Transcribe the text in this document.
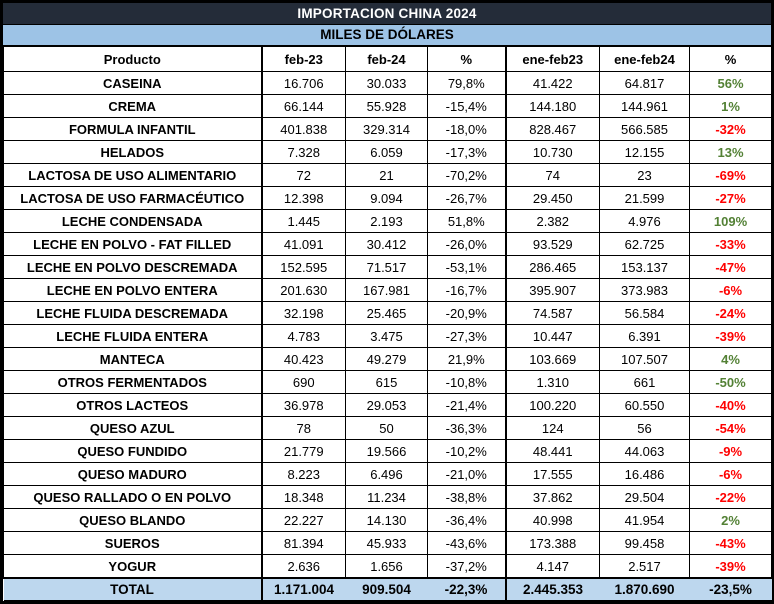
IMPORTACION CHINA 2024
MILES DE DÓLARES
Producto	feb-23	feb-24	%	ene-feb23	ene-feb24	%
CASEINA	16.706	30.033	79,8%	41.422	64.817	56%
CREMA	66.144	55.928	-15,4%	144.180	144.961	1%
FORMULA INFANTIL	401.838	329.314	-18,0%	828.467	566.585	-32%
HELADOS	7.328	6.059	-17,3%	10.730	12.155	13%
LACTOSA DE USO ALIMENTARIO	72	21	-70,2%	74	23	-69%
LACTOSA DE USO FARMACÉUTICO	12.398	9.094	-26,7%	29.450	21.599	-27%
LECHE CONDENSADA	1.445	2.193	51,8%	2.382	4.976	109%
LECHE EN POLVO - FAT FILLED	41.091	30.412	-26,0%	93.529	62.725	-33%
LECHE EN POLVO DESCREMADA	152.595	71.517	-53,1%	286.465	153.137	-47%
LECHE EN POLVO ENTERA	201.630	167.981	-16,7%	395.907	373.983	-6%
LECHE FLUIDA DESCREMADA	32.198	25.465	-20,9%	74.587	56.584	-24%
LECHE FLUIDA ENTERA	4.783	3.475	-27,3%	10.447	6.391	-39%
MANTECA	40.423	49.279	21,9%	103.669	107.507	4%
OTROS FERMENTADOS	690	615	-10,8%	1.310	661	-50%
OTROS LACTEOS	36.978	29.053	-21,4%	100.220	60.550	-40%
QUESO AZUL	78	50	-36,3%	124	56	-54%
QUESO FUNDIDO	21.779	19.566	-10,2%	48.441	44.063	-9%
QUESO MADURO	8.223	6.496	-21,0%	17.555	16.486	-6%
QUESO RALLADO O EN POLVO	18.348	11.234	-38,8%	37.862	29.504	-22%
QUESO BLANDO	22.227	14.130	-36,4%	40.998	41.954	2%
SUEROS	81.394	45.933	-43,6%	173.388	99.458	-43%
YOGUR	2.636	1.656	-37,2%	4.147	2.517	-39%
TOTAL	1.171.004	909.504	-22,3%	2.445.353	1.870.690	-23,5%
